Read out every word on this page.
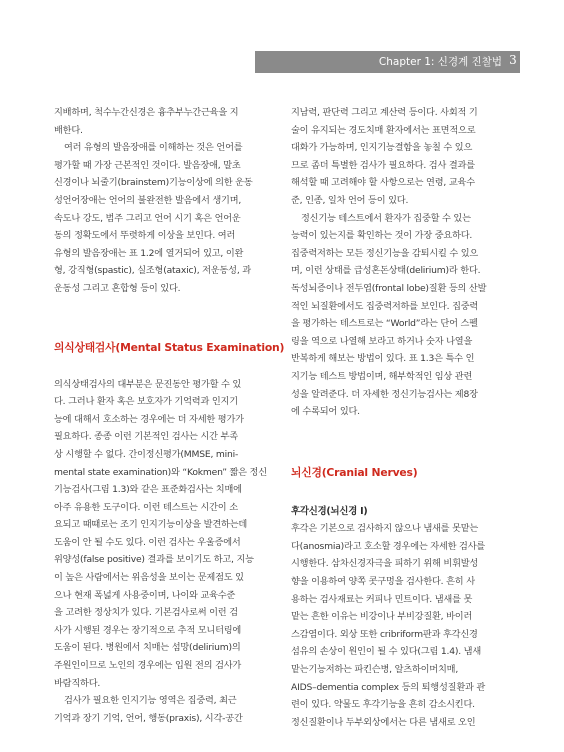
Chapter 1: 신경계 진찰법 3
지배하며, 척수누간신경은 흉추부누간근육을 지
배한다.
여러 유형의 발음장애를 이해하는 것은 언어를
평가할 때 가장 근본적인 것이다. 발음장애, 말초
신경이나 뇌줄기(brainstem)기능이상에 의한 운동
성언어장애는 언어의 불완전한 발음에서 생기며,
속도나 강도, 범주 그리고 언어 시기 혹은 언어운
동의 정확도에서 뚜렷하게 이상을 보인다. 여러
유형의 발음장애는 표 1.2에 열거되어 있고, 이완
형, 강직형(spastic), 실조형(ataxic), 저운동성, 과
운동성 그리고 혼합형 등이 있다.
의식상태검사(Mental Status Examination)
의식상태검사의 대부분은 문진동안 평가할 수 있
다. 그러나 환자 혹은 보호자가 기억력과 인지기
능에 대해서 호소하는 경우에는 더 자세한 평가가
필요하다. 종종 이런 기본적인 검사는 시간 부족
상 시행할 수 없다. 간이정신평가(MMSE, mini-
mental state examination)와 “Kokmen” 짧은 정신
기능검사(그림 1.3)와 같은 표준화검사는 치매에
아주 유용한 도구이다. 이런 테스트는 시간이 소
요되고 때때로는 조기 인지기능이상을 발견하는데
도움이 안 될 수도 있다. 이런 검사는 우울증에서
위양성(false positive) 결과를 보이기도 하고, 지능
이 높은 사람에서는 위음성을 보이는 문제점도 있
으나 현재 폭넓게 사용중이며, 나이와 교육수준
을 고려한 정상치가 있다. 기본검사로써 이런 검
사가 시행된 경우는 장기적으로 추적 모니터링에
도움이 된다. 병원에서 치매는 섬망(delirium)의
주원인이므로 노인의 경우에는 입원 전의 검사가
바람직하다.
검사가 필요한 인지기능 영역은 집중력, 최근
기억과 장기 기억, 언어, 행동(praxis), 시각-공간
지남력, 판단력 그리고 계산력 등이다. 사회적 기
술이 유지되는 경도치매 환자에서는 표면적으로
대화가 가능하며, 인지기능결함을 놓칠 수 있으
므로 좀더 특별한 검사가 필요하다. 검사 결과를
해석할 때 고려해야 할 사항으로는 연령, 교육수
준, 인종, 일차 언어 등이 있다.
정신기능 테스트에서 환자가 집중할 수 있는
능력이 있는지를 확인하는 것이 가장 중요하다.
집중력저하는 모든 정신기능을 감퇴시킬 수 있으
며, 이런 상태를 급성혼돈상태(delirium)라 한다.
독성뇌증이나 전두엽(frontal lobe)질환 등의 산발
적인 뇌질환에서도 집중력저하를 보인다. 집중력
을 평가하는 테스트로는 “World”라는 단어 스펠
링을 역으로 나열해 보라고 하거나 숫자 나열을
반복하게 해보는 방법이 있다. 표 1.3은 특수 인
지기능 테스트 방법이며, 해부학적인 임상 관련
성을 알려준다. 더 자세한 정신기능검사는 제8장
에 수록되어 있다.
뇌신경(Cranial Nerves)
후각신경(뇌신경 I)
후각은 기본으로 검사하지 않으나 냄새를 못맡는
다(anosmia)라고 호소할 경우에는 자세한 검사를
시행한다. 삼차신경자극을 피하기 위해 비휘발성
향을 이용하여 양쪽 콧구멍을 검사한다. 흔히 사
용하는 검사재료는 커피나 민트이다. 냄새를 못
맡는 흔한 이유는 비강이나 부비강질환, 바이러
스감염이다. 외상 또한 cribriform판과 후각신경
섬유의 손상이 원인이 될 수 있다(그림 1.4). 냄새
맡는기능저하는 파킨슨병, 알츠하이머치매,
AIDS–dementia complex 등의 퇴행성질환과 관
련이 있다. 약물도 후각기능을 흔히 감소시킨다.
정신질환이나 두부외상에서는 다른 냄새로 오인
